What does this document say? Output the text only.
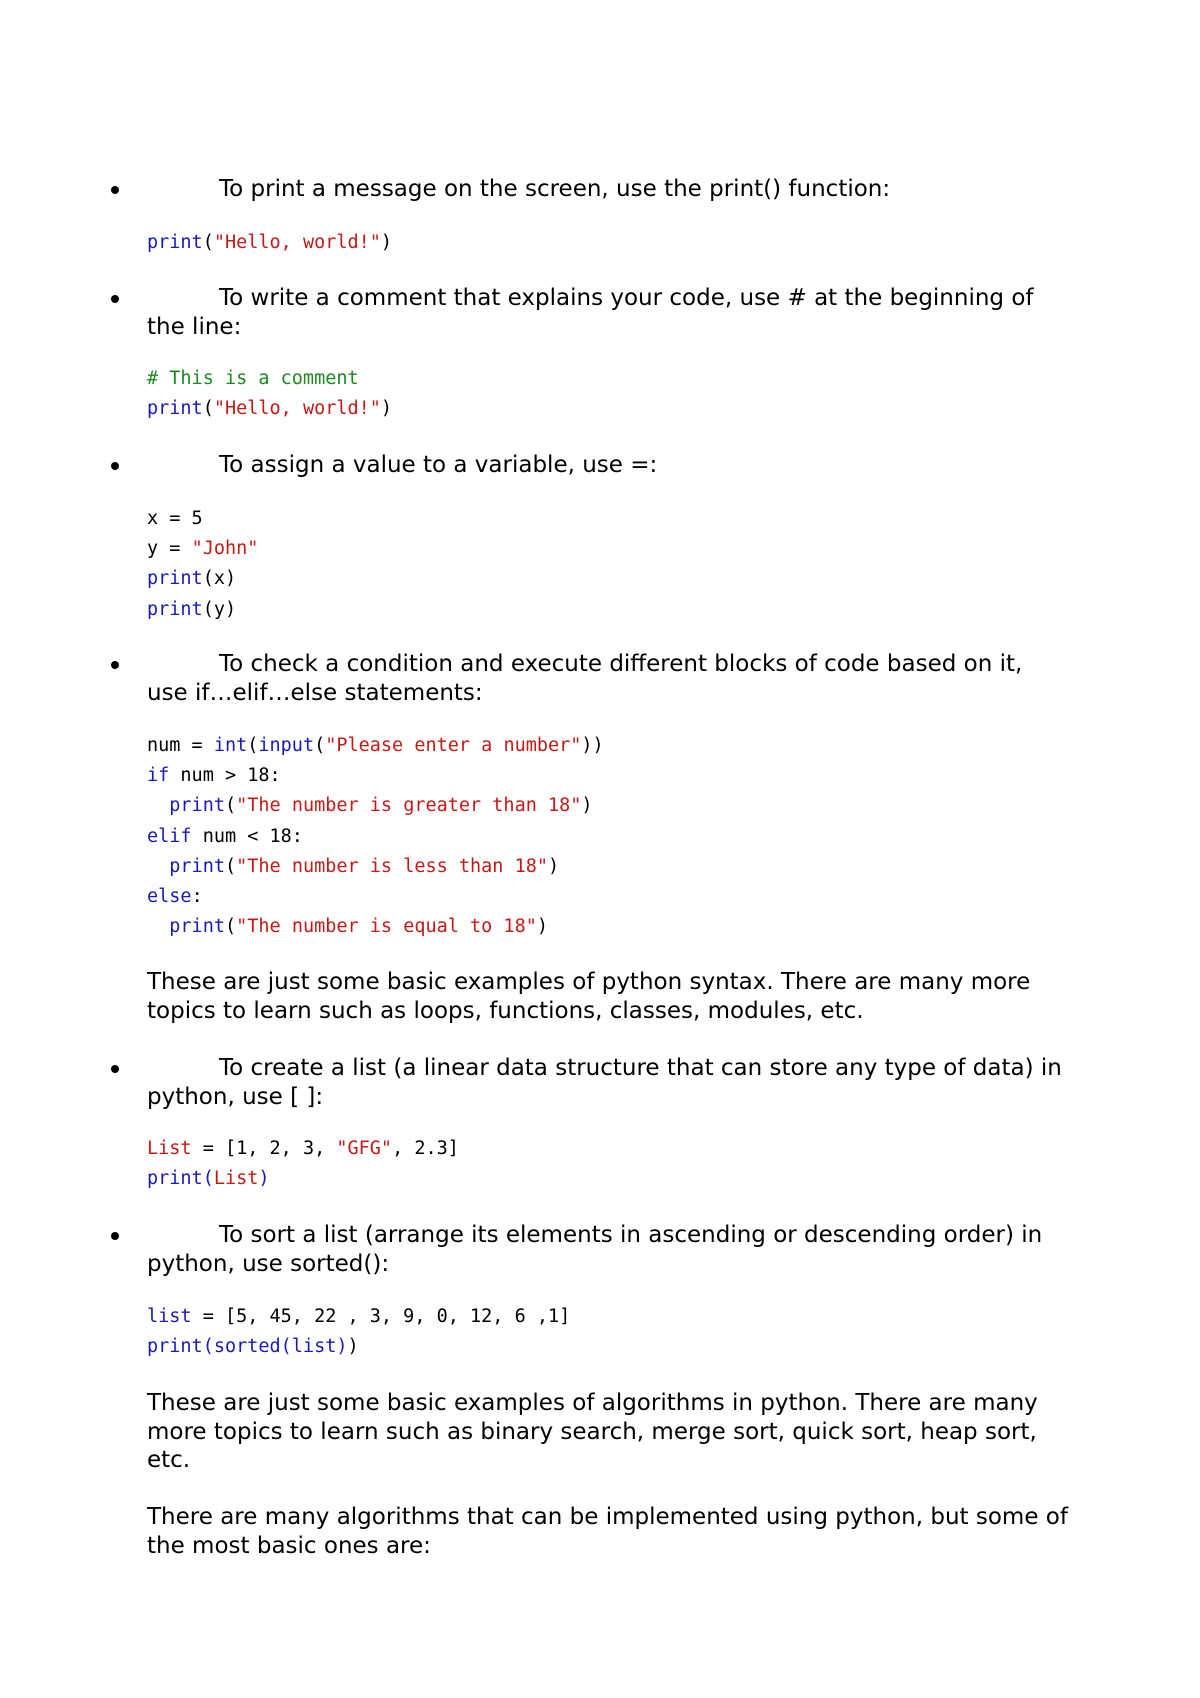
To print a message on the screen, use the print() function:
print("Hello, world!")
To write a comment that explains your code, use # at the beginning of the line:
# This is a comment
print("Hello, world!")
To assign a value to a variable, use =:
x = 5
y = "John"
print(x)
print(y)
To check a condition and execute different blocks of code based on it, use if…elif…else statements:
num = int(input("Please enter a number"))
if num > 18:
print("The number is greater than 18")
elif num < 18:
print("The number is less than 18")
else:
print("The number is equal to 18")

These are just some basic examples of python syntax. There are many more topics to learn such as loops, functions, classes, modules, etc.

To create a list (a linear data structure that can store any type of data) in python, use [ ]:
List = [1, 2, 3, "GFG", 2.3]
print(List)
To sort a list (arrange its elements in ascending or descending order) in python, use sorted():
list = [5, 45, 22 , 3, 9, 0, 12, 6 ,1]
print(sorted(list))

These are just some basic examples of algorithms in python. There are many more topics to learn such as binary search, merge sort, quick sort, heap sort, etc.

There are many algorithms that can be implemented using python, but some of the most basic ones are:
